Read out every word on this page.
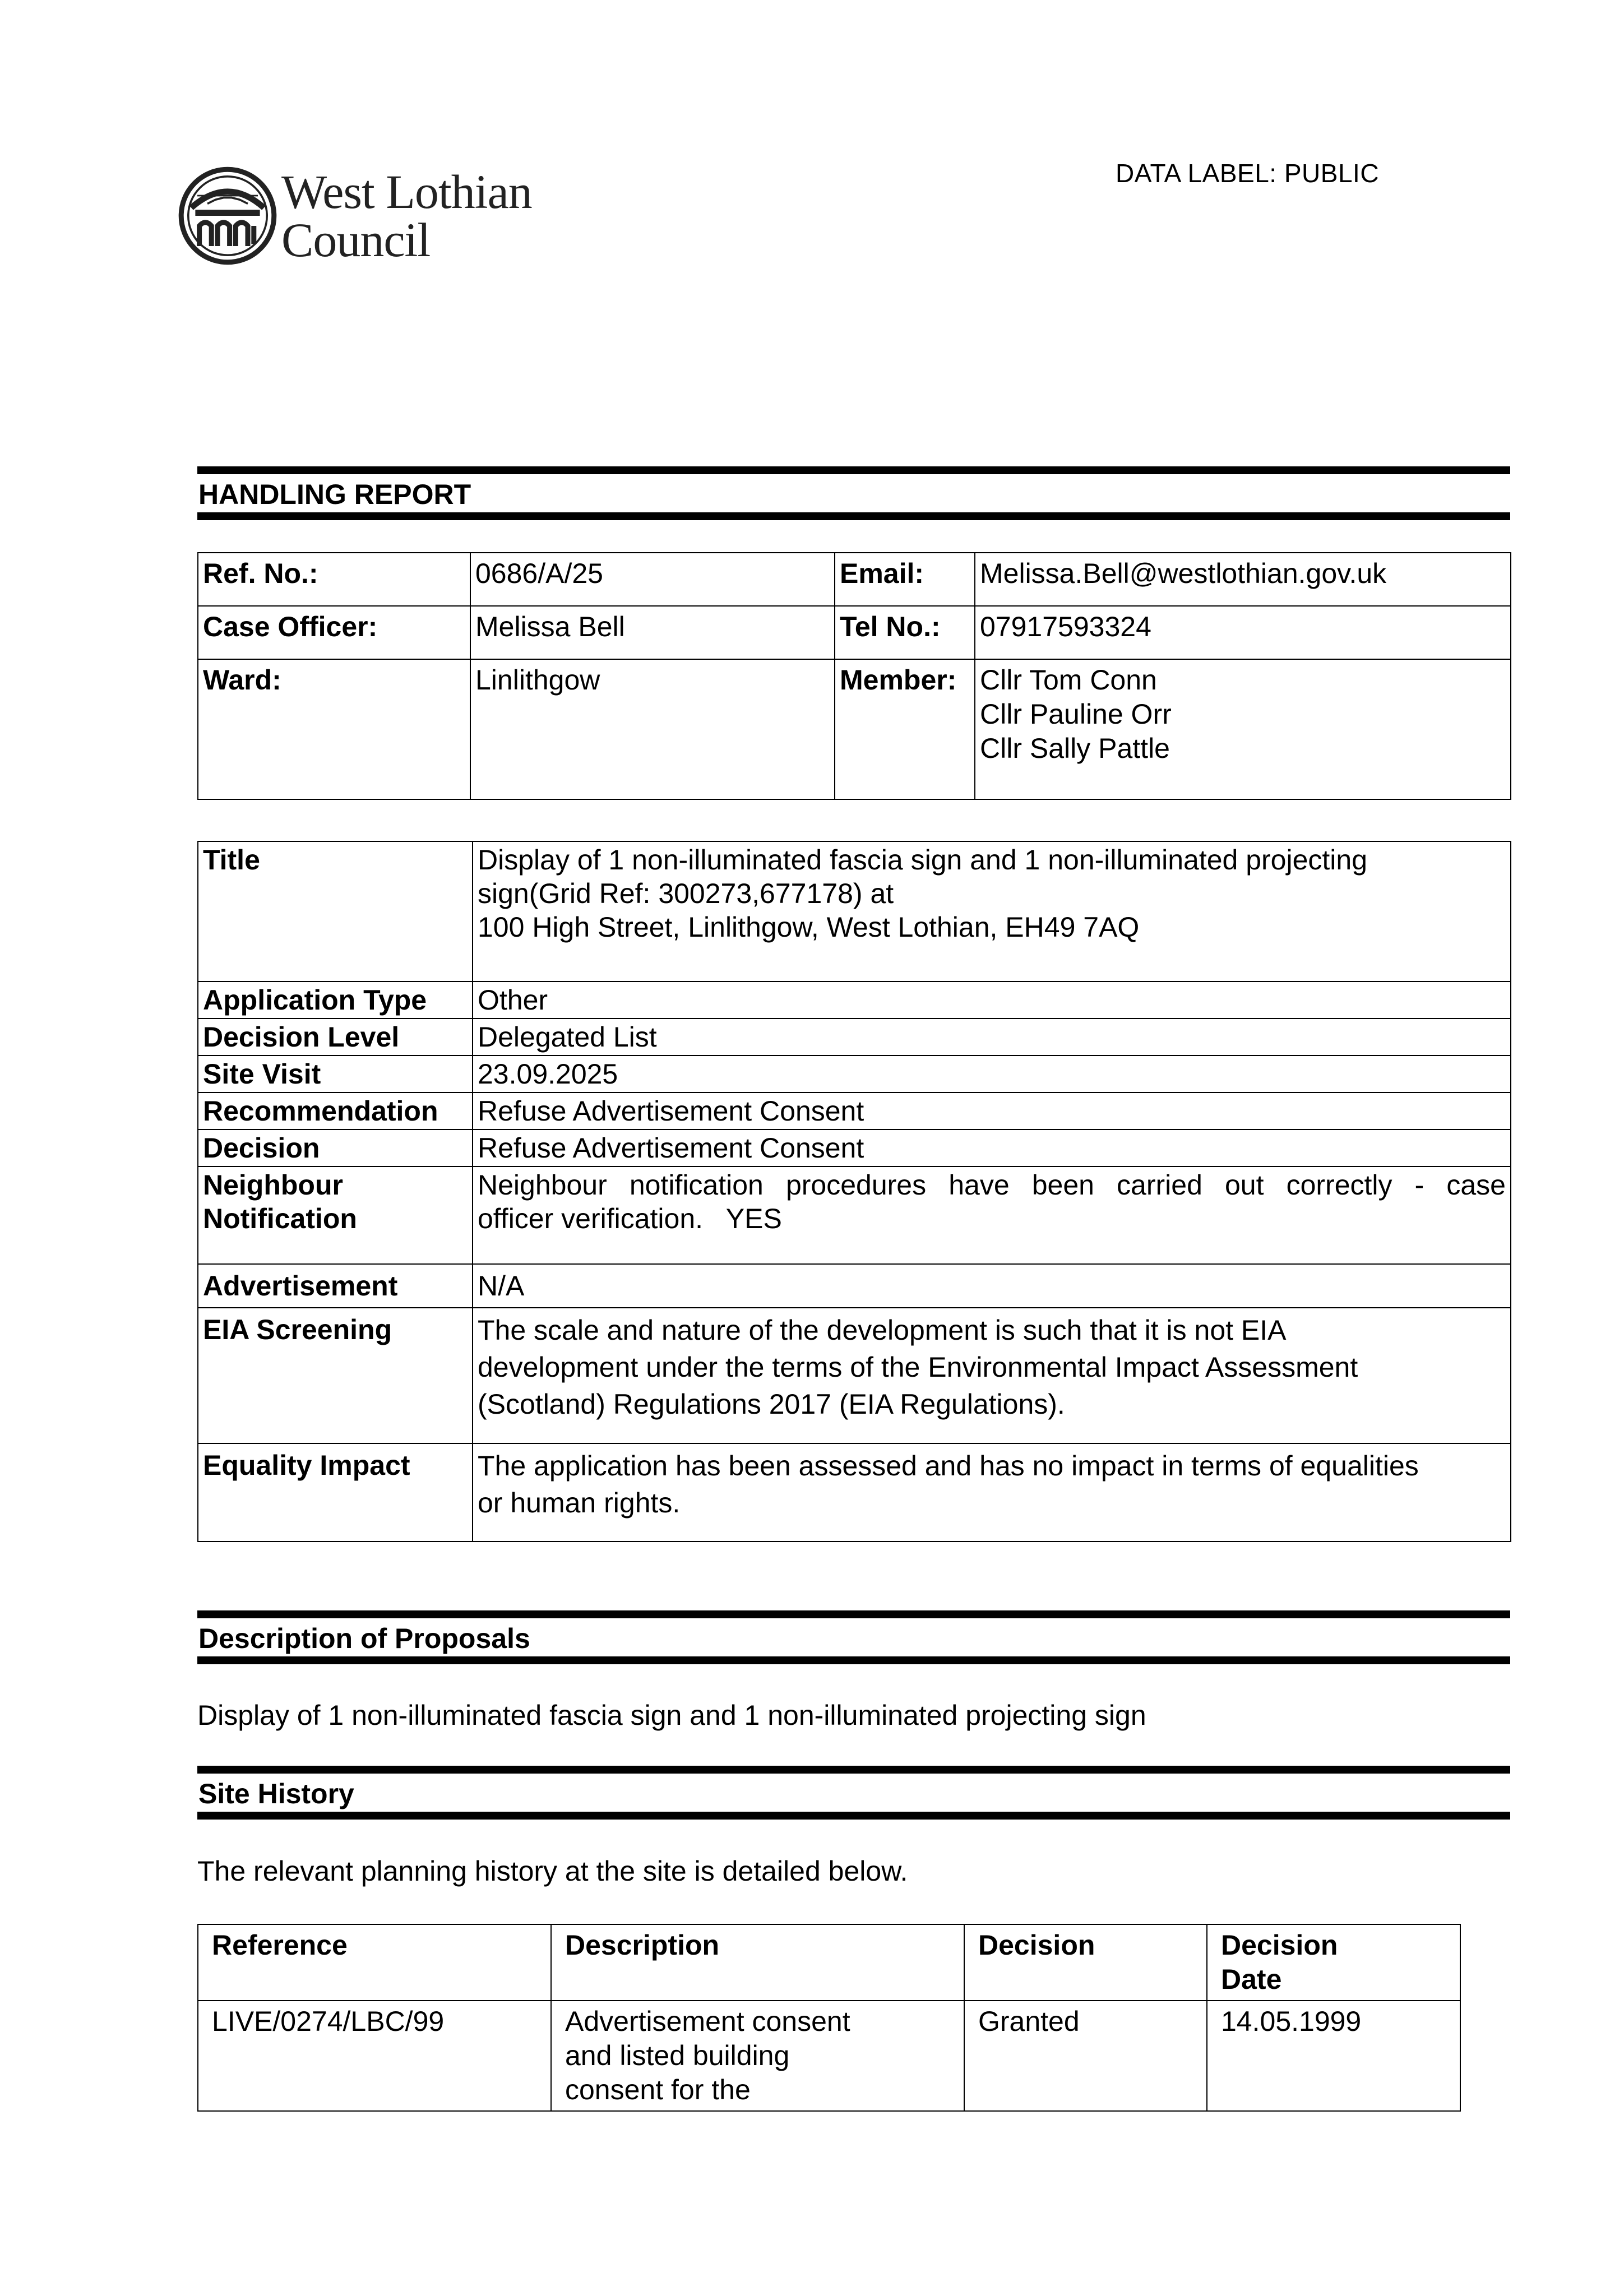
DATA LABEL: PUBLIC
West Lothian
Council
HANDLING REPORT
Ref. No.:	0686/A/25	Email:	Melissa.Bell@westlothian.gov.uk
Case Officer:	Melissa Bell	Tel No.:	07917593324
Ward:	Linlithgow	Member:	Cllr Tom Conn
Cllr Pauline Orr
Cllr Sally Pattle
Title	Display of 1 non-illuminated fascia sign and 1 non-illuminated projecting
sign(Grid Ref: 300273,677178) at
100 High Street, Linlithgow, West Lothian, EH49 7AQ

Application Type	Other
Decision Level	Delegated List
Site Visit	23.09.2025
Recommendation	Refuse Advertisement Consent
Decision	Refuse Advertisement Consent

Neighbour
Notification	Neighbour notification procedures have been carried out correctly - case
officer verification.   YES

Advertisement	N/A
EIA Screening	The scale and nature of the development is such that it is not EIA
development under the terms of the Environmental Impact Assessment
(Scotland) Regulations 2017 (EIA Regulations).

Equality Impact	The application has been assessed and has no impact in terms of equalities
or human rights.
Description of Proposals
Display of 1 non-illuminated fascia sign and 1 non-illuminated projecting sign
Site History
The relevant planning history at the site is detailed below.
Reference	Description	Decision	Decision
Date

LIVE/0274/LBC/99	Advertisement consent
and listed building
consent for the	Granted	14.05.1999
